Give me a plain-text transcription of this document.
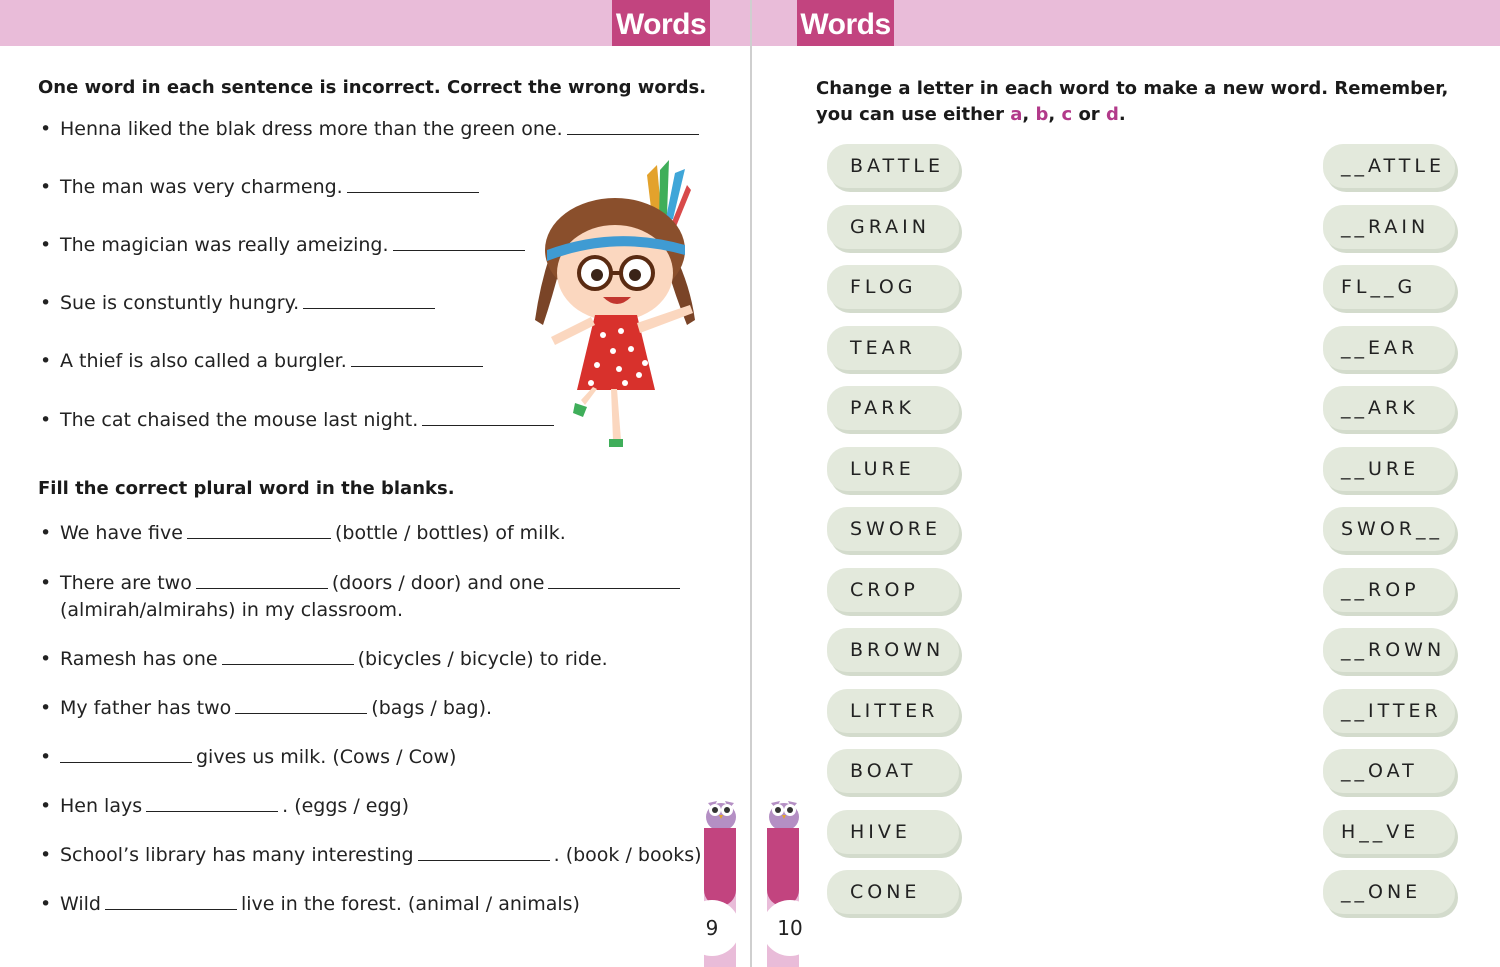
Words	Words
One word in each sentence is incorrect. Correct the wrong words.
• Henna liked the blak dress more than the green one.
• The man was very charmeng.
• The magician was really ameizing.
• Sue is constuntly hungry.
• A thief is also called a burgler.
• The cat chaised the mouse last night.
Fill the correct plural word in the blanks.
• We have five	(bottle / bottles) of milk.
• There are two	(doors / door) and one
(almirah/almirahs) in my classroom.
• Ramesh has one	(bicycles / bicycle) to ride.
• My father has two	(bags / bag).
•	gives us milk. (Cows / Cow)
• Hen lays	. (eggs / egg)
• School’s library has many interesting	. (book / books)
• Wild	live in the forest. (animal / animals)
9	10
Change a letter in each word to make a new word. Remember, you can use either a, b, c or d.
BATTLE	__ATTLE
GRAIN	__RAIN
FLOG	FL__G
TEAR	__EAR
PARK	__ARK
LURE	__URE
SWORE	SWOR__
CROP	__ROP
BROWN	__ROWN
LITTER	__ITTER
BOAT	__OAT
HIVE	H__VE
CONE	__ONE
